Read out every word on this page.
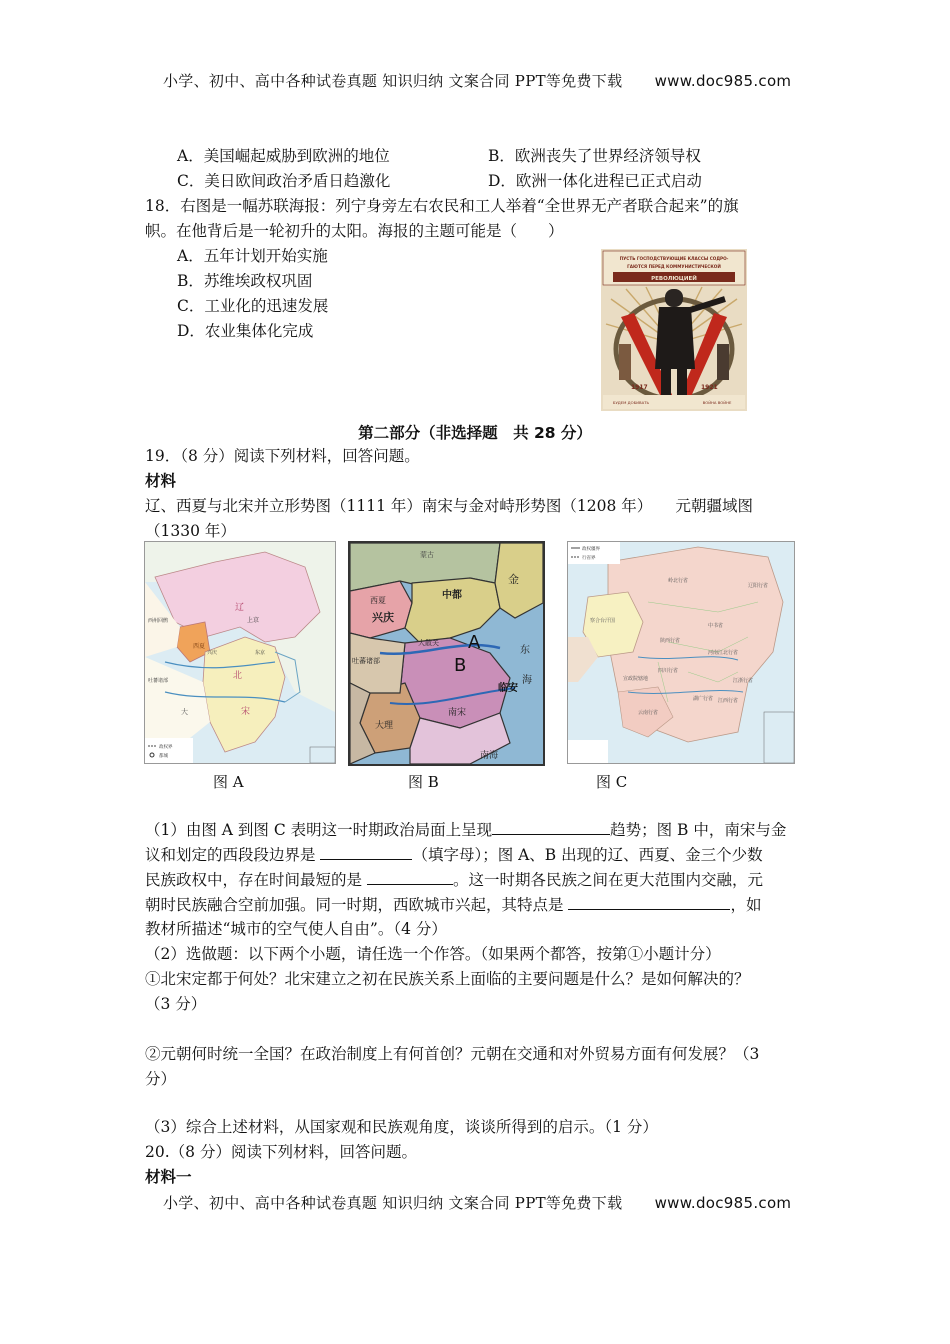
小学、初中、高中各种试卷真题 知识归纳 文案合同 PPT等免费下载 www.doc985.com
A．美国崛起威胁到欧洲的地位	B．欧洲丧失了世界经济领导权
C．美日欧间政治矛盾日趋激化	D．欧洲一体化进程已正式启动
18．右图是一幅苏联海报：列宁身旁左右农民和工人举着“全世界无产者联合起来”的旗
帜。在他背后是一轮初升的太阳。海报的主题可能是（　　）
A．五年计划开始实施
B．苏维埃政权巩固
C．工业化的迅速发展
D．农业集体化完成
ПУСТЬ ГОСПОДСТВУЮЩИЕ КЛАССЫ СОДРО-
ГАЮТСЯ ПЕРЕД КОММУНИСТИЧЕСКОЙ
РЕВОЛЮЦИЕЙ
1917	1921
БУДЕМ ДОБИВАТЬ	ВОЙНА ВОЙНЕ
第二部分（非选择题　共 28 分）
19．（8 分）阅读下列材料，回答问题。
材料
辽、西夏与北宋并立形势图（1111 年）南宋与金对峙形势图（1208 年）　　元朝疆域图
（1330 年）
辽
上京
西夏
兴庆	东京
北
宋
大
西州回鹘
吐蕃诸部
政权界
都城
蒙古
中都
金
兴庆
西夏
大散关 A
B
临安
南宋
大理
东
海
吐蕃诸部
南海
政权疆界
行省界
岭北行省
辽阳行省
中书省
陕西行省
四川行省
河南江北行省
江浙行省
湖广行省 江西行省
云南行省
宣政院辖地
察合台汗国
图 A	图 B	图 C
（1）由图 A 到图 C 表明这一时期政治局面上呈现	趋势；图 B 中，南宋与金
议和划定的西段段边界是	（填字母）；图 A、B 出现的辽、西夏、金三个少数
民族政权中，存在时间最短的是	。这一时期各民族之间在更大范围内交融，元
朝时民族融合空前加强。同一时期，西欧城市兴起，其特点是	，如
教材所描述“城市的空气使人自由”。（4 分）
（2）选做题：以下两个小题，请任选一个作答。（如果两个都答，按第①小题计分）
①北宋定都于何处？北宋建立之初在民族关系上面临的主要问题是什么？是如何解决的？
（3 分）
②元朝何时统一全国？在政治制度上有何首创？元朝在交通和对外贸易方面有何发展？（3
分）
（3）综合上述材料，从国家观和民族观角度，谈谈所得到的启示。（1 分）
20.（8 分）阅读下列材料，回答问题。
材料一
小学、初中、高中各种试卷真题 知识归纳 文案合同 PPT等免费下载 www.doc985.com
